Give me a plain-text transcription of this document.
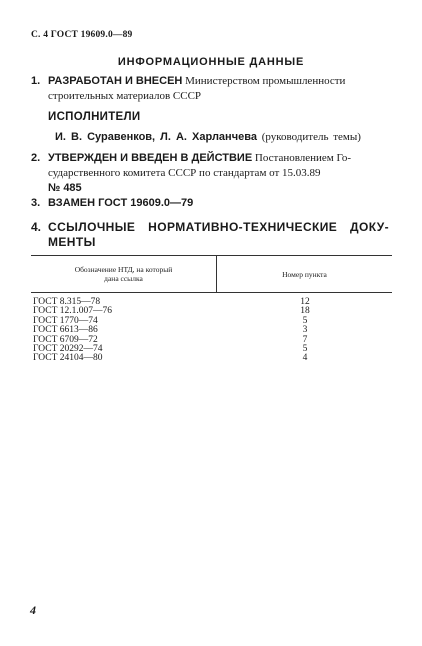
С. 4 ГОСТ 19609.0—89
ИНФОРМАЦИОННЫЕ ДАННЫЕ
1. РАЗРАБОТАН И ВНЕСЕН Министерством промышленности
строительных материалов СССР
ИСПОЛНИТЕЛИ
И. В. Суравенков, Л. А. Харланчева (руководитель темы)
2. УТВЕРЖДЕН И ВВЕДЕН В ДЕЙСТВИЕ Постановлением Го-
сударственного комитета СССР по стандартам от 15.03.89
№ 485
3. ВЗАМЕН ГОСТ 19609.0—79
4. ССЫЛОЧНЫЕ НОРМАТИВНО-ТЕХНИЧЕСКИЕ ДОКУ-
МЕНТЫ
Обозначение НТД, на который
дана ссылка	Номер пункта
ГОСТ 8.315—78	12
ГОСТ 12.1.007—76	18
ГОСТ 1770—74	5
ГОСТ 6613—86	3
ГОСТ 6709—72	7
ГОСТ 20292—74	5
ГОСТ 24104—80	4
4
